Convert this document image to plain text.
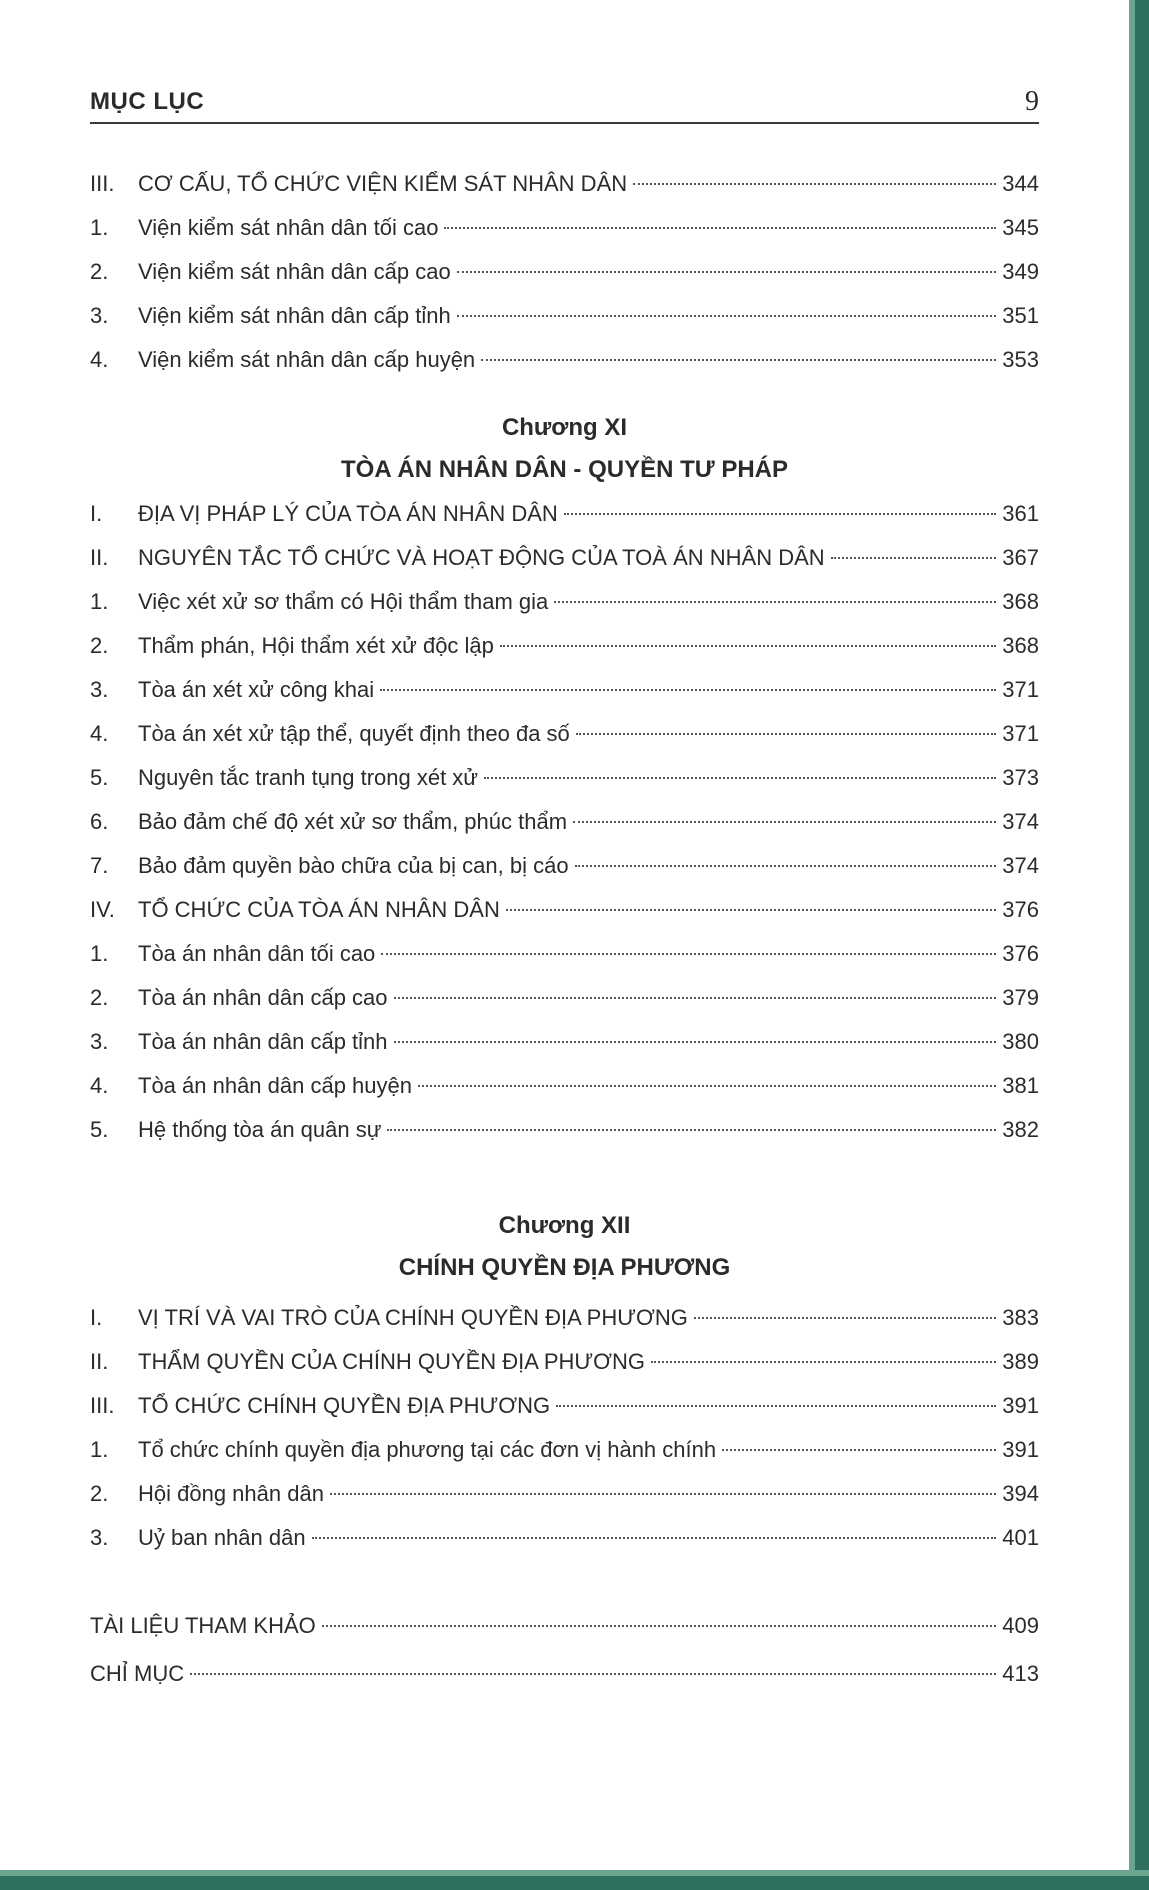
MỤC LỤC	9
III.	CƠ CẤU, TỔ CHỨC VIỆN KIỂM SÁT NHÂN DÂN	344
1.	Viện kiểm sát nhân dân tối cao	345
2.	Viện kiểm sát nhân dân cấp cao	349
3.	Viện kiểm sát nhân dân cấp tỉnh	351
4.	Viện kiểm sát nhân dân cấp huyện	353
Chương XI
TÒA ÁN NHÂN DÂN - QUYỀN TƯ PHÁP
I.	ĐỊA VỊ PHÁP LÝ CỦA TÒA ÁN NHÂN DÂN	361
II.	NGUYÊN TẮC TỔ CHỨC VÀ HOẠT ĐỘNG CỦA TOÀ ÁN NHÂN DÂN	367
1.	Việc xét xử sơ thẩm có Hội thẩm tham gia	368
2.	Thẩm phán, Hội thẩm xét xử độc lập	368
3.	Tòa án xét xử công khai	371
4.	Tòa án xét xử tập thể, quyết định theo đa số	371
5.	Nguyên tắc tranh tụng trong xét xử	373
6.	Bảo đảm chế độ xét xử sơ thẩm, phúc thẩm	374
7.	Bảo đảm quyền bào chữa của bị can, bị cáo	374
IV.	TỔ CHỨC CỦA TÒA ÁN NHÂN DÂN	376
1.	Tòa án nhân dân tối cao	376
2.	Tòa án nhân dân cấp cao	379
3.	Tòa án nhân dân cấp tỉnh	380
4.	Tòa án nhân dân cấp huyện	381
5.	Hệ thống tòa án quân sự	382
Chương XII
CHÍNH QUYỀN ĐỊA PHƯƠNG
I.	VỊ TRÍ VÀ VAI TRÒ CỦA CHÍNH QUYỀN ĐỊA PHƯƠNG	383
II.	THẨM QUYỀN CỦA CHÍNH QUYỀN ĐỊA PHƯƠNG	389
III.	TỔ CHỨC CHÍNH QUYỀN ĐỊA PHƯƠNG	391
1.	Tổ chức chính quyền địa phương tại các đơn vị hành chính	391
2.	Hội đồng nhân dân	394
3.	Uỷ ban nhân dân	401
TÀI LIỆU THAM KHẢO	409
CHỈ MỤC	413
